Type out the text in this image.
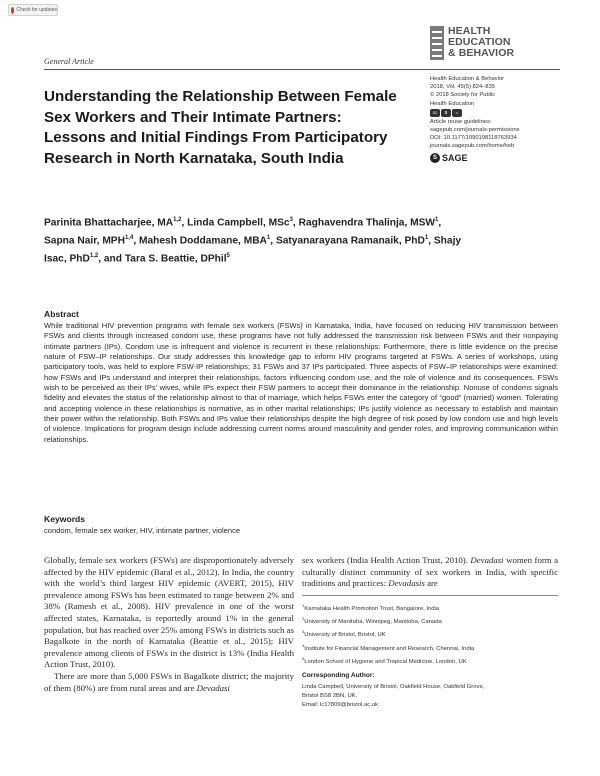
Check for updates
HEALTH
EDUCATION
& BEHAVIOR
General Article
Understanding the Relationship Between Female Sex Workers and Their Intimate Partners: Lessons and Initial Findings From Participatory Research in North Karnataka, South India
Health Education & Behavior
2018, Vol. 45(5) 824–835
© 2018 Society for Public
Health Education
cc	$	=
Article reuse guidelines:
sagepub.com/journals-permissions
DOI: 10.1177/1090198118763934
journals.sagepub.com/home/heb
S SAGE
Parinita Bhattacharjee, MA$^{1,2}$, Linda Campbell, MSc$^3$, Raghavendra Thalinja, MSW$^1$, Sapna Nair, MPH$^{1,4}$, Mahesh Doddamane, MBA$^1$, Satyanarayana Ramanaik, PhD$^1$, Shajy Isac, PhD$^{1,2}$, and Tara S. Beattie, DPhil$^5$
Abstract

While traditional HIV prevention programs with female sex workers (FSWs) in Karnataka, India, have focused on reducing HIV transmission between FSWs and clients through increased condom use, these programs have not fully addressed the transmission risk between FSWs and their nonpaying intimate partners (IPs). Condom use is infrequent and violence is recurrent in these relationships: Furthermore, there is little evidence on the precise nature of FSW–IP relationships. Our study addresses this knowledge gap to inform HIV programs targeted at FSWs. A series of workshops, using participatory tools, was held to explore FSW-IP relationships; 31 FSWs and 37 IPs participated. Three aspects of FSW–IP relationships were examined: how FSWs and IPs understand and interpret their relationships, factors influencing condom use, and the role of violence and its consequences. FSWs wish to be perceived as their IPs’ wives, while IPs expect their FSW partners to accept their dominance in the relationship. Nonuse of condoms signals fidelity and elevates the status of the relationship almost to that of marriage, which helps FSWs enter the category of “good” (married) women. Tolerating and accepting violence in these relationships is normative, as in other marital relationships; IPs justify violence as necessary to establish and maintain their power within the relationship. Both FSWs and IPs value their relationships despite the high degree of risk posed by low condom use and high levels of violence. Implications for program design include addressing current norms around masculinity and gender roles, and improving communication within relationships.

Keywords
condom, female sex worker, HIV, intimate partner, violence

Globally, female sex workers (FSWs) are disproportionately adversely affected by the HIV epidemic (Baral et al., 2012). In India, the country with the world’s third largest HIV epidemic (AVERT, 2015), HIV prevalence among FSWs has been estimated to range between 2% and 38% (Ramesh et al., 2008). HIV prevalence in one of the worst affected states, Karnataka, is reportedly around 1% in the general population, but has reached over 25% among FSWs in districts such as Bagalkote in the north of Karnataka (Beattie et al., 2015); HIV prevalence among clients of FSWs in the district is 13% (India Health Action Trust, 2010).

There are more than 5,000 FSWs in Bagalkote district; the majority of them (80%) are from rural areas and are Devadasi

sex workers (India Health Action Trust, 2010). Devadasi women form a culturally distinct community of sex workers in India, with specific traditions and practices: Devadasis are

$^1$Karnataka Health Promotion Trust, Bangalore, India
$^2$University of Manitoba, Winnipeg, Manitoba, Canada
$^3$University of Bristol, Bristol, UK
$^4$Institute for Financial Management and Research, Chennai, India
$^5$London School of Hygiene and Tropical Medicine, London, UK
Corresponding Author:
Linda Campbell, University of Bristol, Oakfield House, Oakfield Grove,
Bristol BS8 2BN, UK.
Email: lc17809@bristol.ac.uk
